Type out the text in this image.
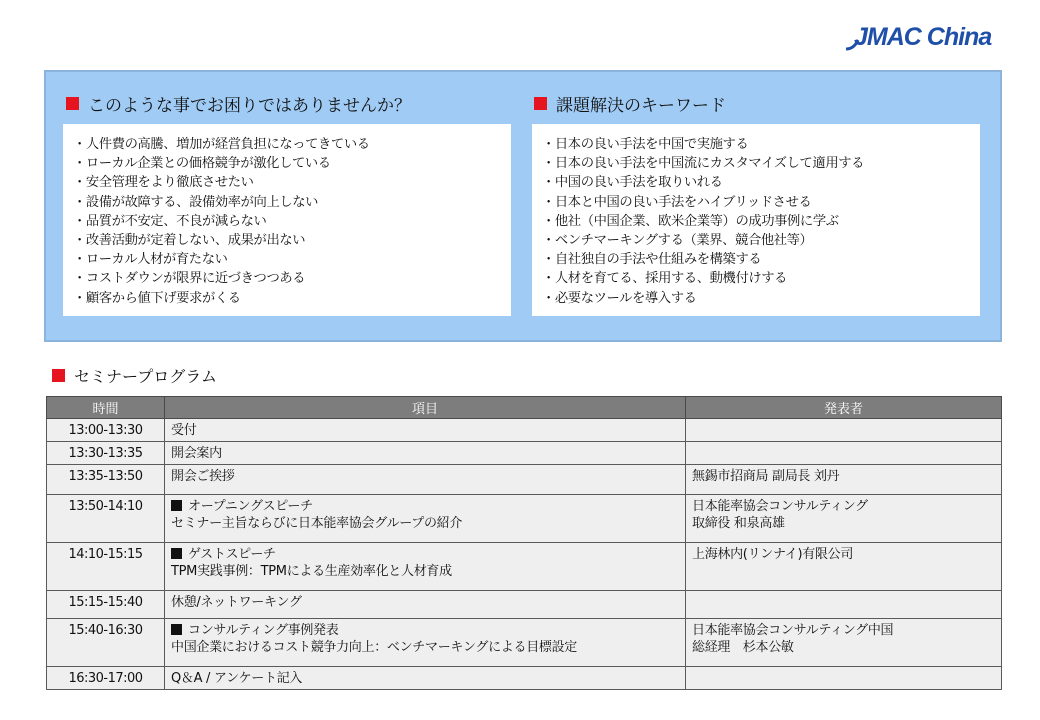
JMAC China
このような事でお困りではありませんか？
・人件費の高騰、増加が経営負担になってきている
・ローカル企業との価格競争が激化している
・安全管理をより徹底させたい
・設備が故障する、設備効率が向上しない
・品質が不安定、不良が減らない
・改善活動が定着しない、成果が出ない
・ローカル人材が育たない
・コストダウンが限界に近づきつつある
・顧客から値下げ要求がくる
課題解決のキーワード
・日本の良い手法を中国で実施する
・日本の良い手法を中国流にカスタマイズして適用する
・中国の良い手法を取りいれる
・日本と中国の良い手法をハイブリッドさせる
・他社（中国企業、欧米企業等）の成功事例に学ぶ
・ベンチマーキングする（業界、競合他社等）
・自社独自の手法や仕組みを構築する
・人材を育てる、採用する、動機付けする
・必要なツールを導入する
セミナープログラム
時間	項目	発表者
13:00-13:30	受付	

13:30-13:35	開会案内	

13:35-13:50	開会ご挨拶	無錫市招商局 副局長 刘丹

13:50-14:10	オープニングスピーチ
セミナー主旨ならびに日本能率協会グループの紹介	日本能率協会コンサルティング
取締役 和泉高雄

14:10-15:15	ゲストスピーチ
TPM実践事例：TPMによる生産効率化と人材育成	上海林内(リンナイ)有限公司

15:15-15:40	休憩/ネットワーキング	

15:40-16:30	コンサルティング事例発表
中国企業におけるコスト競争力向上：ベンチマーキングによる目標設定	日本能率協会コンサルティング中国
総経理　杉本公敏

16:30-17:00	Q＆A / アンケート記入	
